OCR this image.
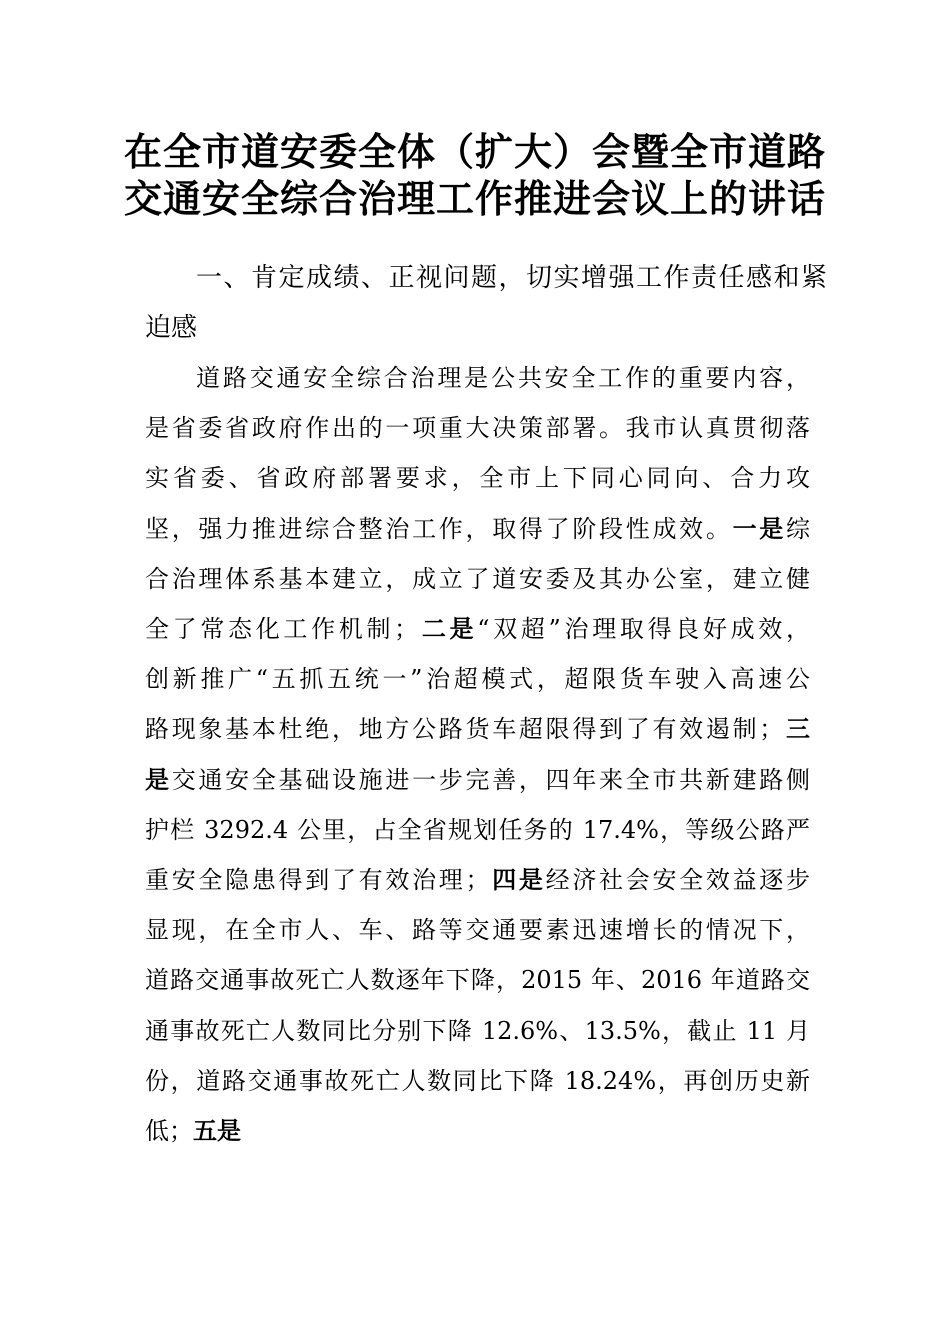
在全市道安委全体（扩大）会暨全市道路
交通安全综合治理工作推进会议上的讲话
一、肯定成绩、正视问题，切实增强工作责任感和紧
迫感
道路交通安全综合治理是公共安全工作的重要内容，
是省委省政府作出的一项重大决策部署。我市认真贯彻落
实省委、省政府部署要求，全市上下同心同向、合力攻
坚，强力推进综合整治工作，取得了阶段性成效。一是综
合治理体系基本建立，成立了道安委及其办公室，建立健
全了常态化工作机制；二是“双超”治理取得良好成效，
创新推广“五抓五统一”治超模式，超限货车驶入高速公
路现象基本杜绝，地方公路货车超限得到了有效遏制；三
是交通安全基础设施进一步完善，四年来全市共新建路侧
护栏 3292.4 公里，占全省规划任务的 17.4%，等级公路严
重安全隐患得到了有效治理；四是经济社会安全效益逐步
显现，在全市人、车、路等交通要素迅速增长的情况下，
道路交通事故死亡人数逐年下降，2015 年、2016 年道路交
通事故死亡人数同比分别下降 12.6%、13.5%，截止 11 月
份，道路交通事故死亡人数同比下降 18.24%，再创历史新
低；五是
